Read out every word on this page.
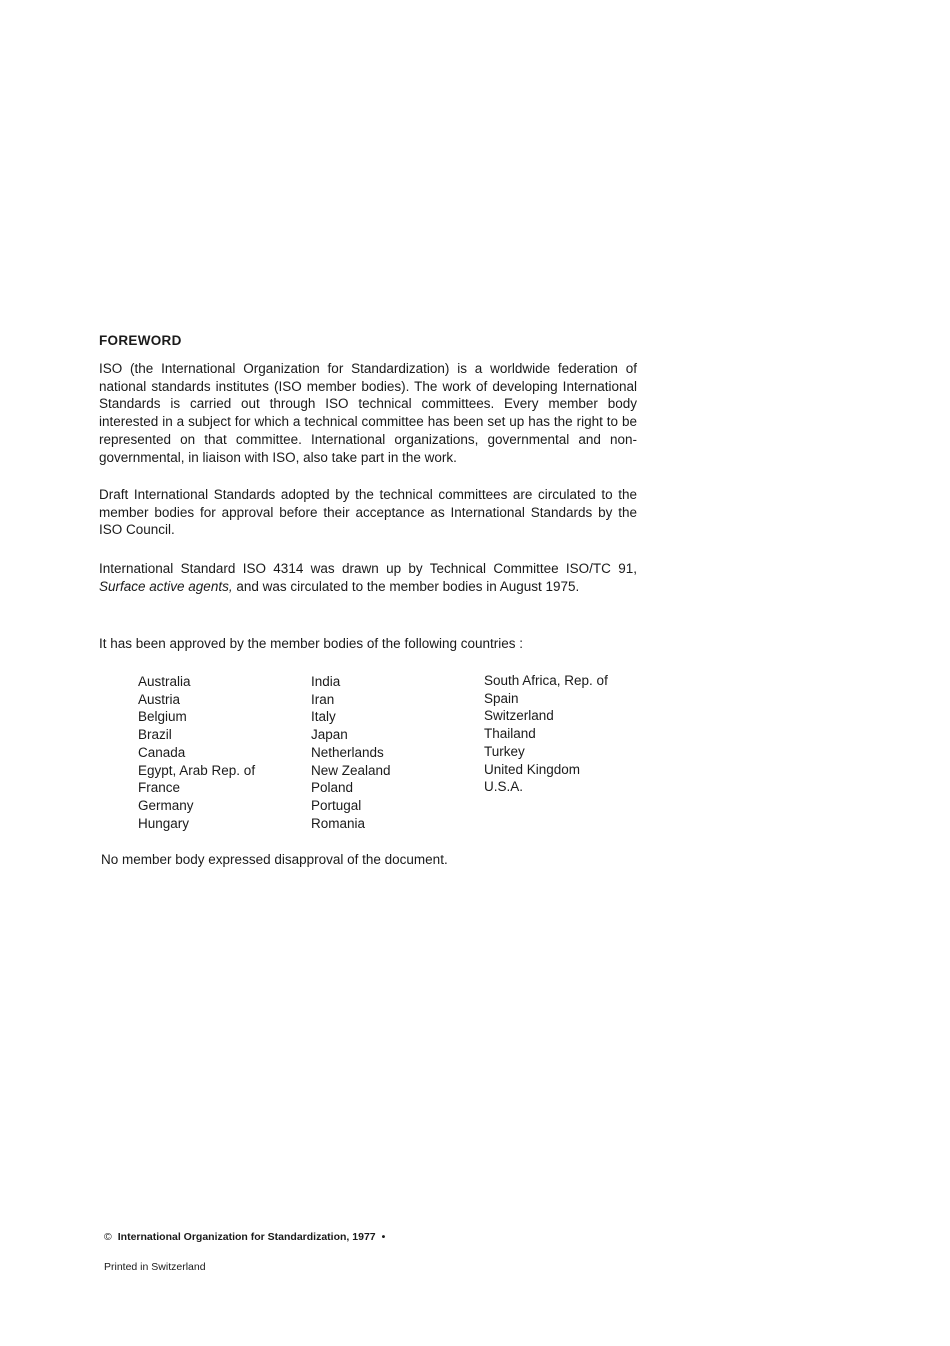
FOREWORD

ISO (the International Organization for Standardization) is a worldwide federation of national standards institutes (ISO member bodies). The work of developing International Standards is carried out through ISO technical committees. Every member body interested in a subject for which a technical committee has been set up has the right to be represented on that committee. International organizations, governmental and non-governmental, in liaison with ISO, also take part in the work.

Draft International Standards adopted by the technical committees are circulated to the member bodies for approval before their acceptance as International Standards by the ISO Council.

International Standard ISO 4314 was drawn up by Technical Committee ISO/TC 91, Surface active agents, and was circulated to the member bodies in August 1975.

It has been approved by the member bodies of the following countries :

Australia
Austria
Belgium
Brazil
Canada
Egypt, Arab Rep. of
France
Germany
Hungary
India
Iran
Italy
Japan
Netherlands
New Zealand
Poland
Portugal
Romania
South Africa, Rep. of
Spain
Switzerland
Thailand
Turkey
United Kingdom
U.S.A.

No member body expressed disapproval of the document.

© International Organization for Standardization, 1977 •
Printed in Switzerland
